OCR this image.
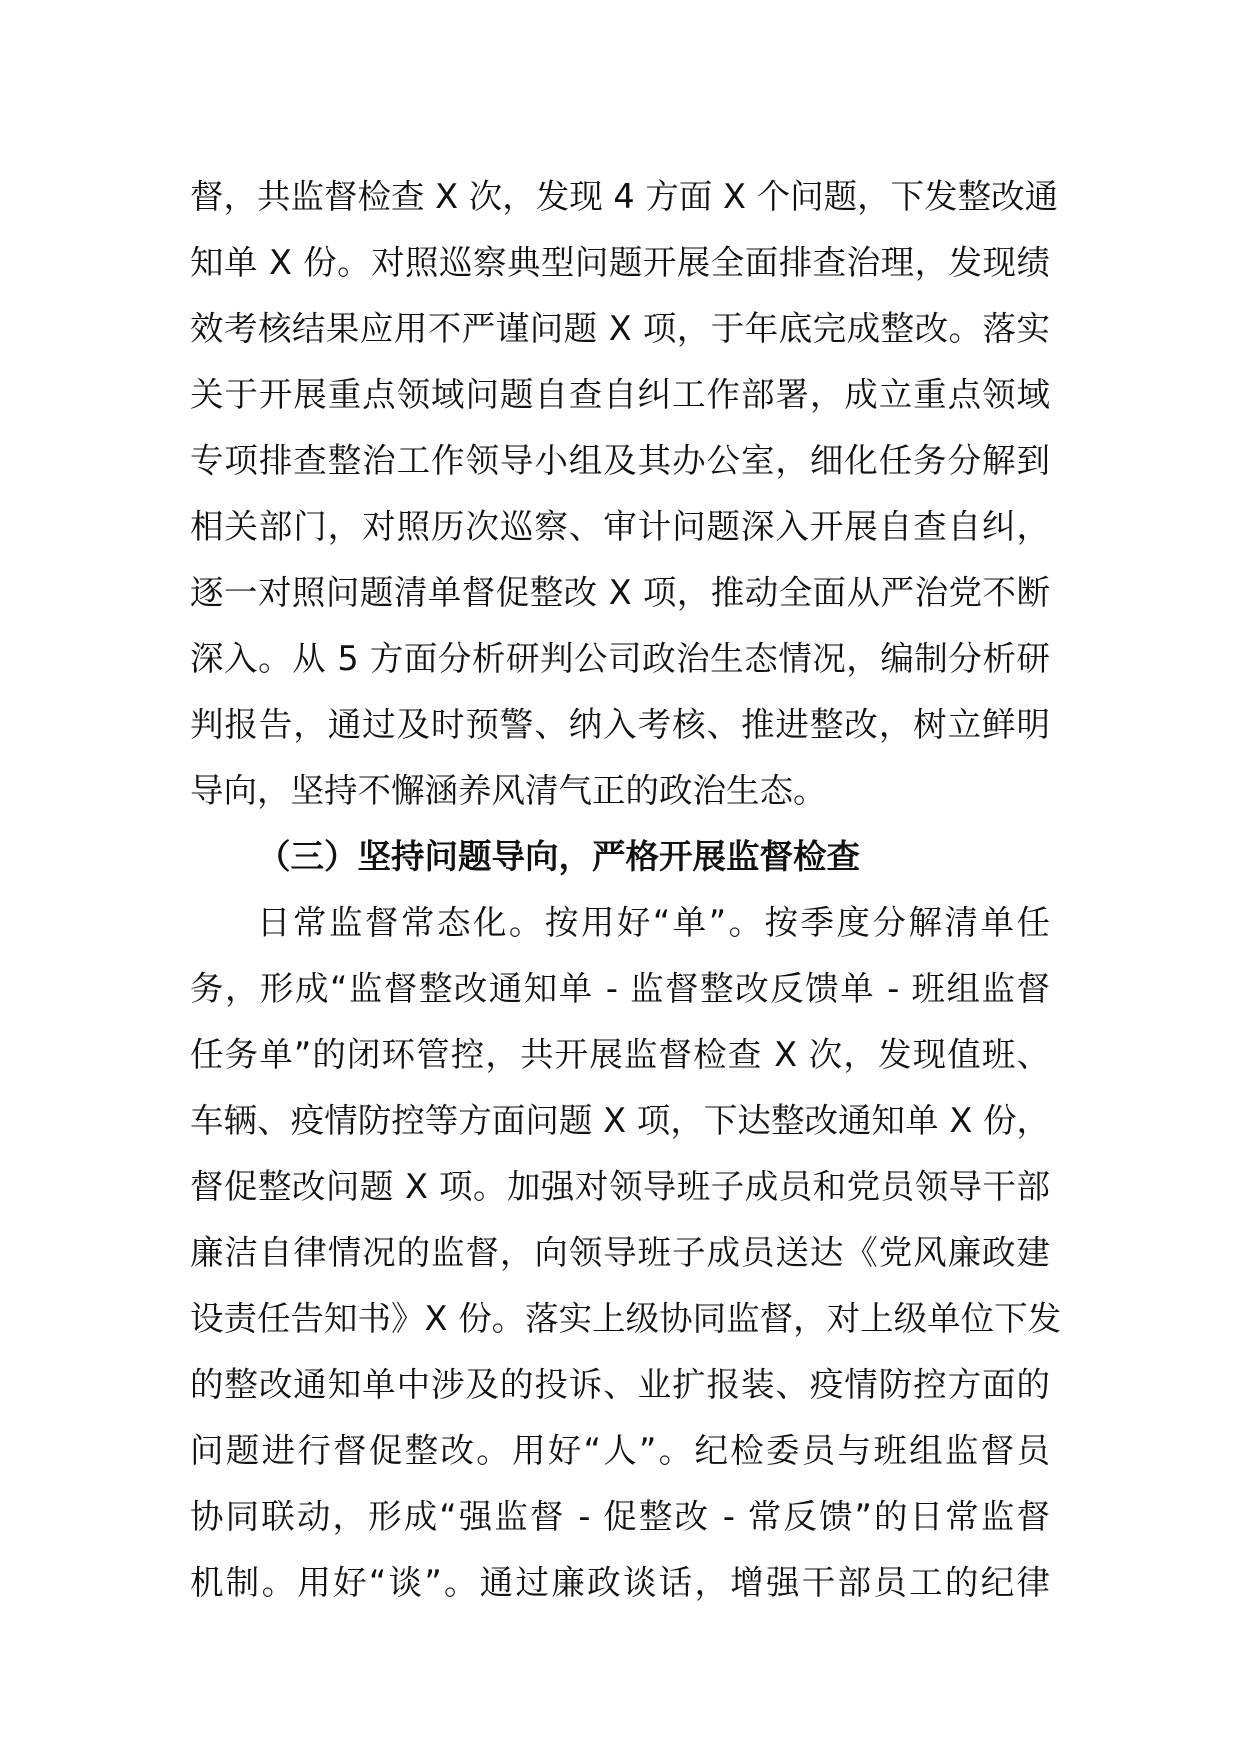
督，共监督检查 X 次，发现 4 方面 X 个问题，下发整改通
知单 X 份。对照巡察典型问题开展全面排查治理，发现绩
效考核结果应用不严谨问题 X 项，于年底完成整改。落实
关于开展重点领域问题自查自纠工作部署，成立重点领域
专项排查整治工作领导小组及其办公室，细化任务分解到
相关部门，对照历次巡察、审计问题深入开展自查自纠，
逐一对照问题清单督促整改 X 项，推动全面从严治党不断
深入。从 5 方面分析研判公司政治生态情况，编制分析研
判报告，通过及时预警、纳入考核、推进整改，树立鲜明
导向，坚持不懈涵养风清气正的政治生态。
（三）坚持问题导向，严格开展监督检查
日常监督常态化。按用好“单”。按季度分解清单任
务，形成“监督整改通知单 - 监督整改反馈单 - 班组监督
任务单”的闭环管控，共开展监督检查 X 次，发现值班、
车辆、疫情防控等方面问题 X 项，下达整改通知单 X 份，
督促整改问题 X 项。加强对领导班子成员和党员领导干部
廉洁自律情况的监督，向领导班子成员送达《党风廉政建
设责任告知书》X 份。落实上级协同监督，对上级单位下发
的整改通知单中涉及的投诉、业扩报装、疫情防控方面的
问题进行督促整改。用好“人”。纪检委员与班组监督员
协同联动，形成“强监督 - 促整改 - 常反馈”的日常监督
机制。用好“谈”。通过廉政谈话，增强干部员工的纪律
